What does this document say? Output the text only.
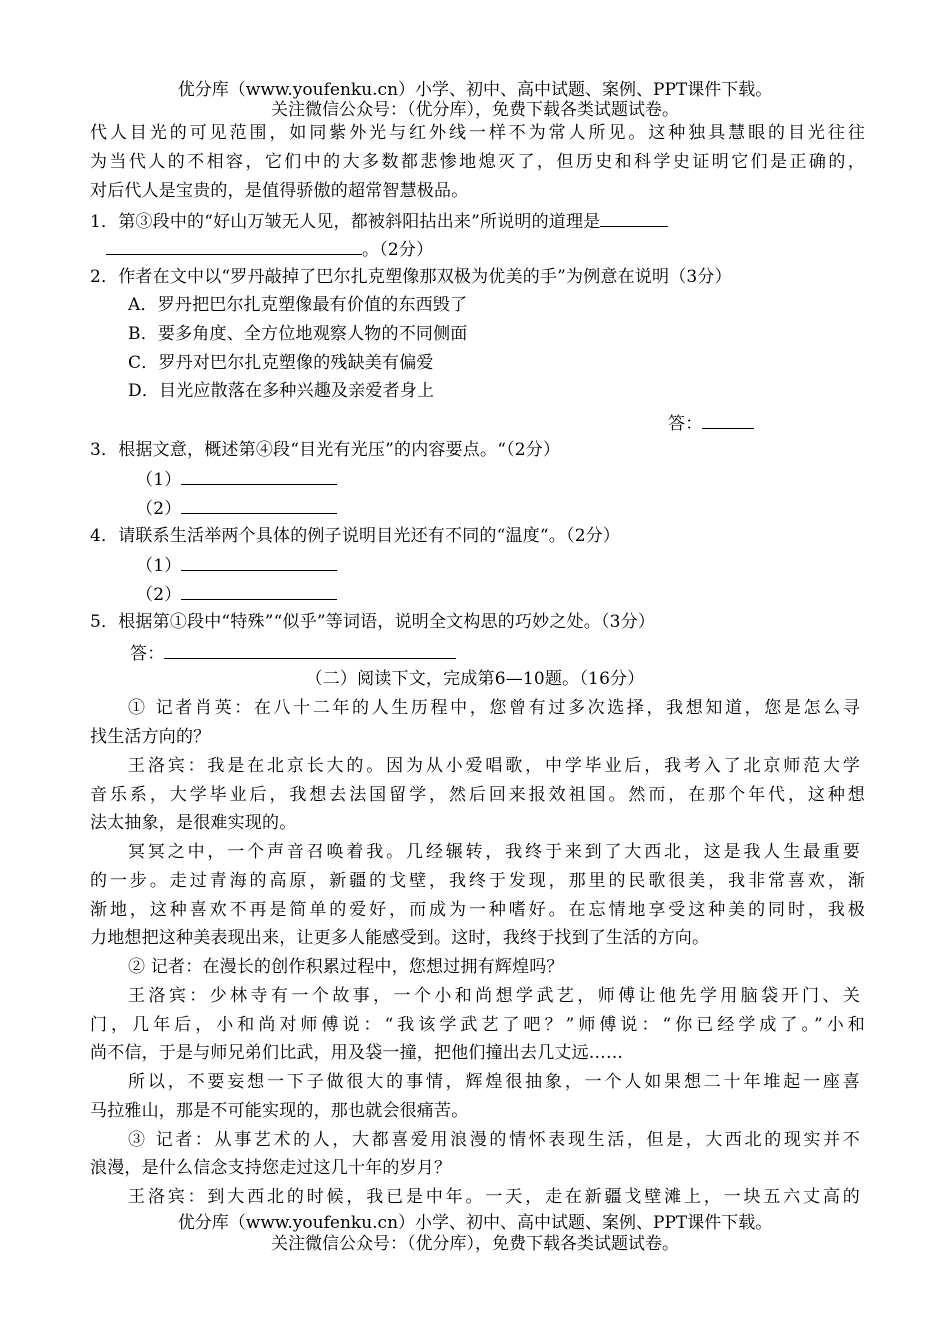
优分库（www.youfenku.cn）小学、初中、高中试题、案例、PPT课件下载。
关注微信公众号：（优分库），免费下载各类试题试卷。
代人目光的可见范围，如同紫外光与红外线一样不为常人所见。这种独具慧眼的目光往往
为当代人的不相容，它们中的大多数都悲惨地熄灭了，但历史和科学史证明它们是正确的，
对后代人是宝贵的，是值得骄傲的超常智慧极品。
1．第③段中的“好山万皱无人见，都被斜阳拈出来”所说明的道理是
。（2分）
2．作者在文中以“罗丹敲掉了巴尔扎克塑像那双极为优美的手”为例意在说明（3分）
A．罗丹把巴尔扎克塑像最有价值的东西毁了
B．要多角度、全方位地观察人物的不同侧面
C．罗丹对巴尔扎克塑像的残缺美有偏爱
D．目光应散落在多种兴趣及亲爱者身上
答：
3．根据文意，概述第④段“目光有光压”的内容要点。“（2分）
（1）
（2）
4．请联系生活举两个具体的例子说明目光还有不同的“温度“。（2分）
（1）
（2）
5．根据第①段中“特殊”“似乎”等词语，说明全文构思的巧妙之处。（3分）
答：
（二）阅读下文，完成第6—10题。（16分）
① 记者肖英：在八十二年的人生历程中，您曾有过多次选择，我想知道，您是怎么寻
找生活方向的？
王洛宾：我是在北京长大的。因为从小爱唱歌，中学毕业后，我考入了北京师范大学
音乐系，大学毕业后，我想去法国留学，然后回来报效祖国。然而，在那个年代，这种想
法太抽象，是很难实现的。
冥冥之中，一个声音召唤着我。几经辗转，我终于来到了大西北，这是我人生最重要
的一步。走过青海的高原，新疆的戈壁，我终于发现，那里的民歌很美，我非常喜欢，渐
渐地，这种喜欢不再是简单的爱好，而成为一种嗜好。在忘情地享受这种美的同时，我极
力地想把这种美表现出来，让更多人能感受到。这时，我终于找到了生活的方向。
② 记者：在漫长的创作积累过程中，您想过拥有辉煌吗？
王洛宾：少林寺有一个故事，一个小和尚想学武艺，师傅让他先学用脑袋开门、关
门，几年后，小和尚对师傅说：“我该学武艺了吧？”师傅说：“你已经学成了。”小和
尚不信，于是与师兄弟们比武，用及袋一撞，把他们撞出去几丈远……
所以，不要妄想一下子做很大的事情，辉煌很抽象，一个人如果想二十年堆起一座喜
马拉雅山，那是不可能实现的，那也就会很痛苦。
③ 记者：从事艺术的人，大都喜爱用浪漫的情怀表现生活，但是，大西北的现实并不
浪漫，是什么信念支持您走过这几十年的岁月？
王洛宾：到大西北的时候，我已是中年。一天，走在新疆戈壁滩上，一块五六丈高的
优分库（www.youfenku.cn）小学、初中、高中试题、案例、PPT课件下载。
关注微信公众号：（优分库），免费下载各类试题试卷。
